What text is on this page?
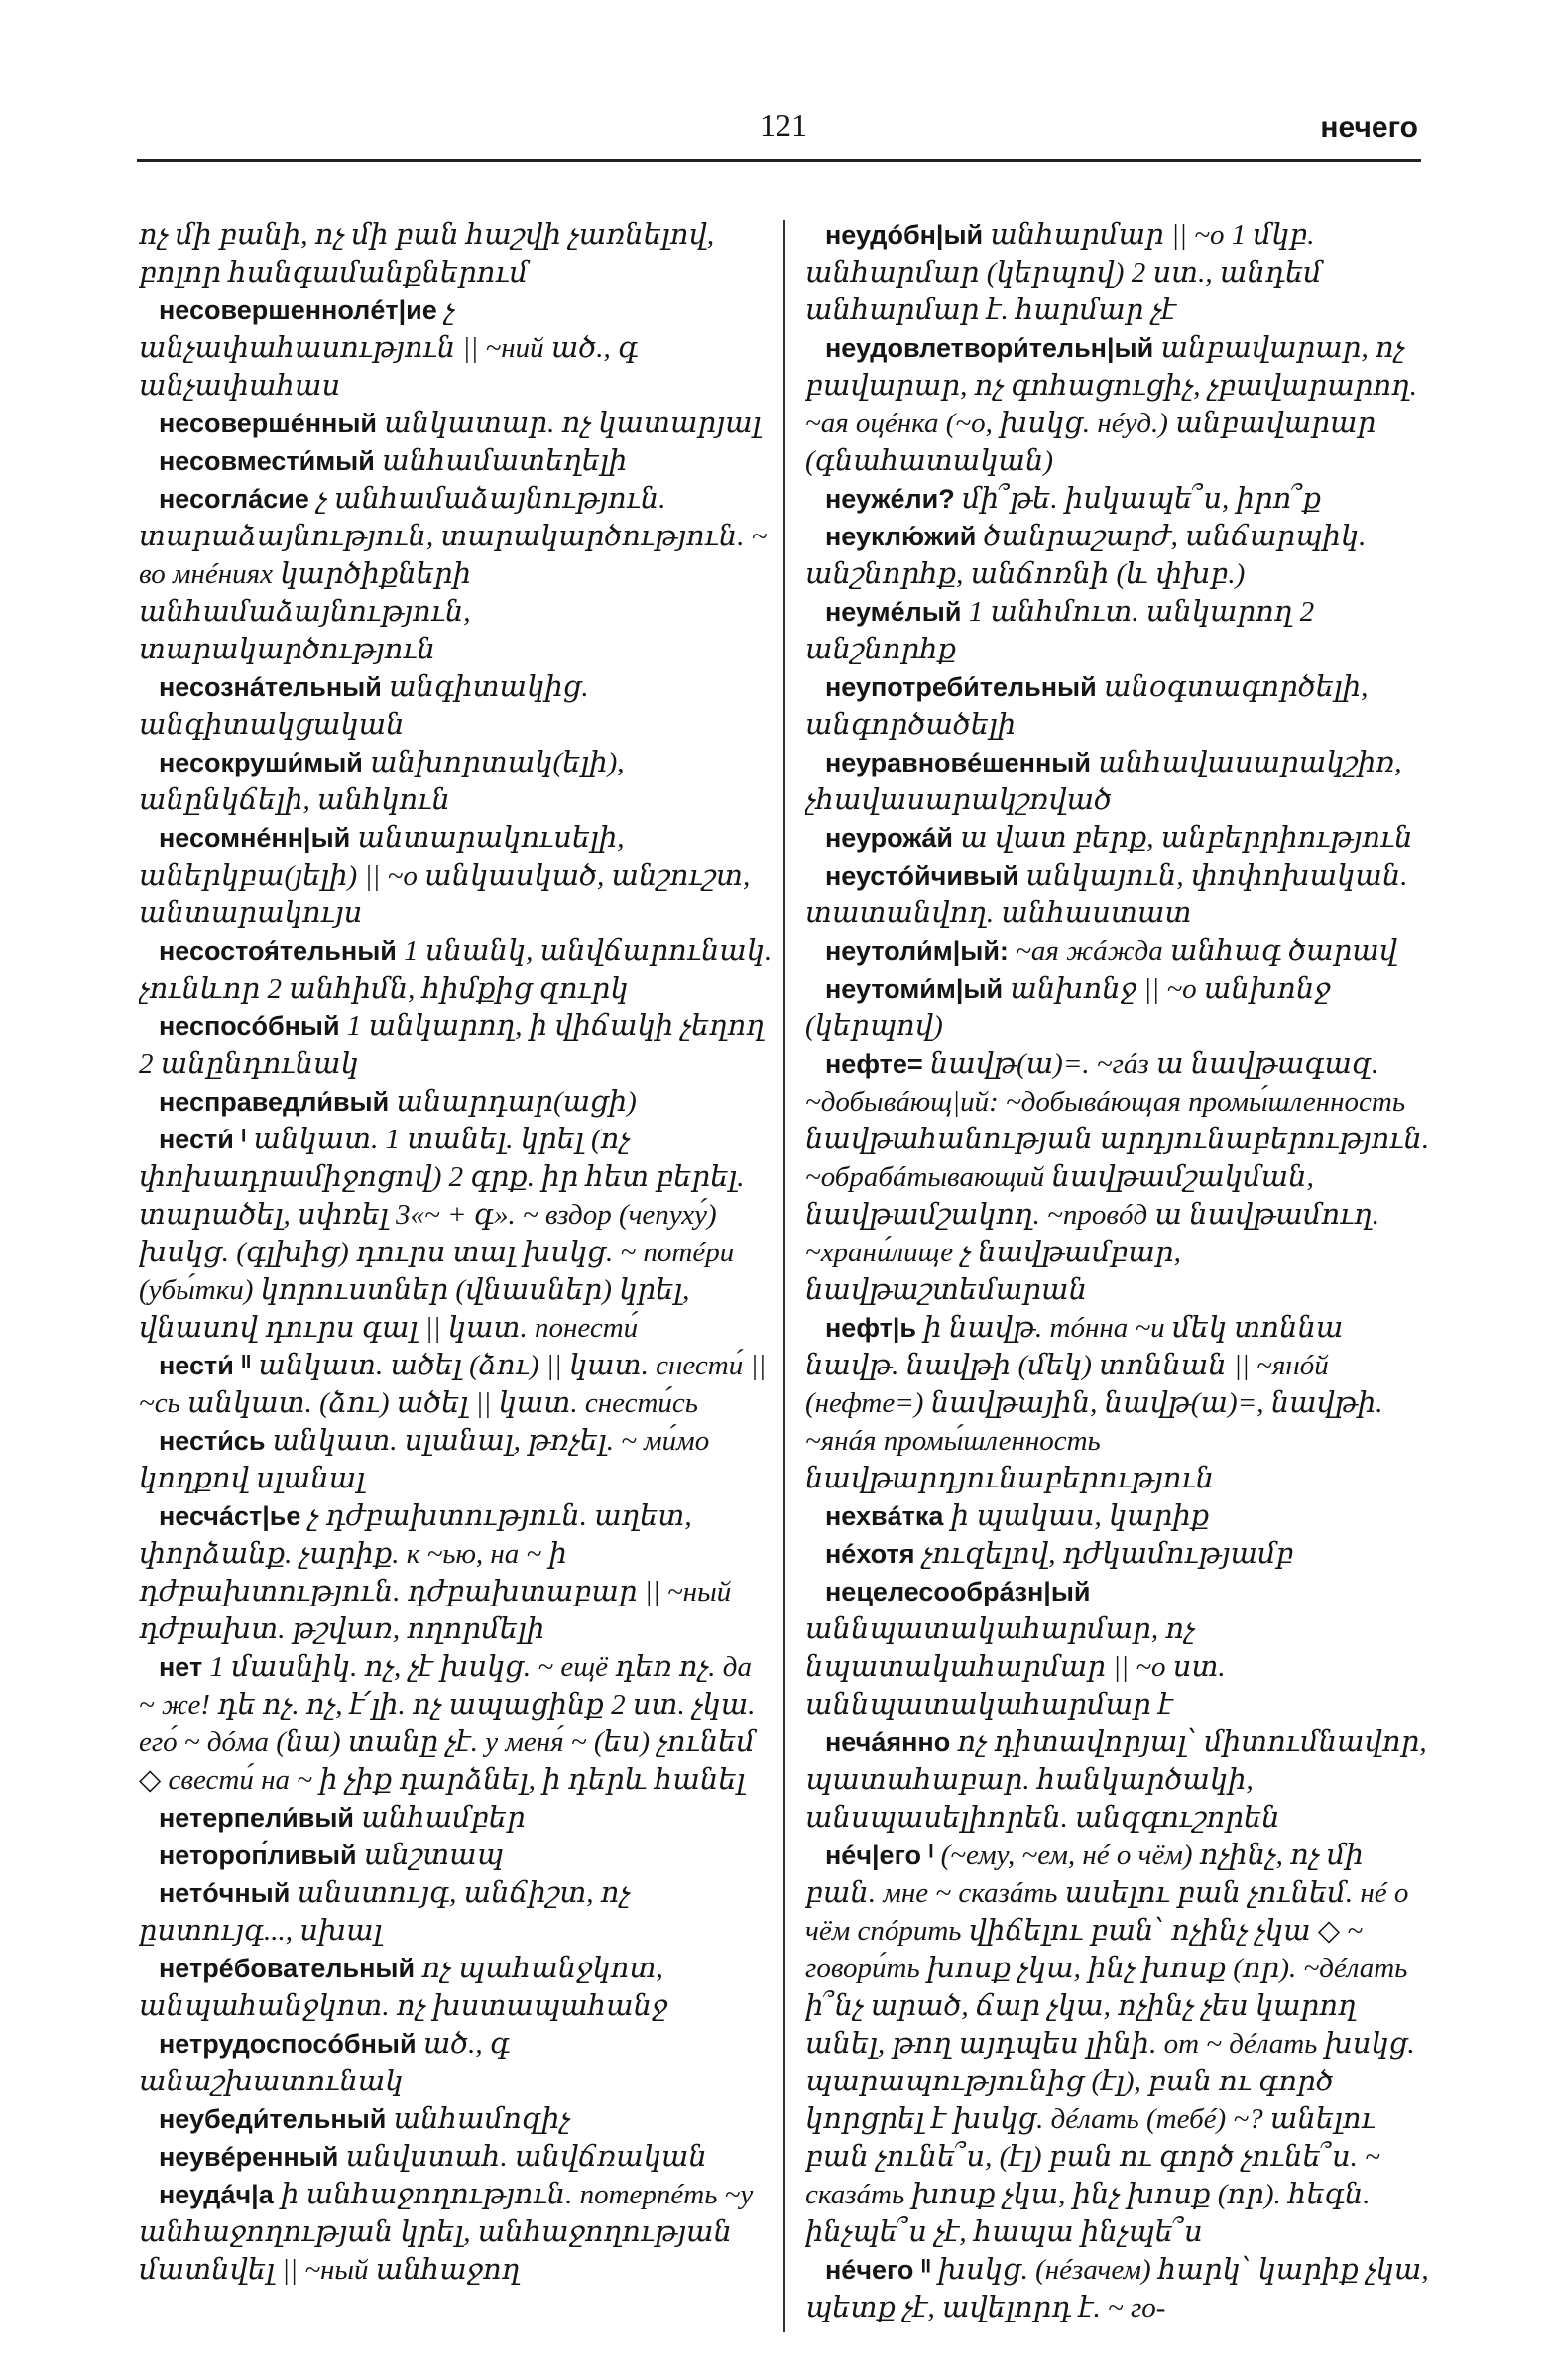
121	нечего
ոչ մի բանի, ոչ մի բան հաշվի չառնելով, բոլոր հանգամանքներում
несовершеннолéт|ие չ անչափահասություն || ~ний ած., գ անչափահաս
несовершéнный անկատար. ոչ կատարյալ
несовмести́мый անհամատեղելի
несоглáсие չ անհամաձայնություն. տարաձայնություն, տարակարծություն. ~ во мнéниях կարծիքների անհամաձայնություն, տարակարծություն
несознáтельный անգիտակից. անգիտակցական
несокруши́мый անխորտակ(ելի), անընկճելի, անհկուն
несомнéнн|ый անտարակուսելի, աներկբա(յելի) || ~о անկասկած, անշուշտ, անտարակույս
несостоя́тельный 1 սնանկ, անվճարունակ. չունևոր 2 անհիմն, հիմքից զուրկ
неспосóбный 1 անկարող, ի վիճակի չեղող 2 անընդունակ
несправедли́вый անարդար(ացի)
нести́ ᴵ անկատ. 1 տանել. կրել (ոչ փոխադրամիջոցով) 2 գրք. իր հետ բերել. տարածել, սփռել 3«~ + գ». ~ вздор (чепуху́) խսկց. (գլխից) դուրս տալ խսկց. ~ потéри (убы́тки) կորուստներ (վնասներ) կրել, վնասով դուրս գալ || կատ. понести́
нести́ ᴵᴵ անկատ. ածել (ձու) || կատ. снести́ || ~сь անկատ. (ձու) ածել || կատ. снести́сь
нести́сь անկատ. սլանալ, թռչել. ~ ми́мо կողքով սլանալ
несчáст|ье չ դժբախտություն. աղետ, փորձանք. չարիք. к ~ью, на ~ ի դժբախտություն. դժբախտաբար || ~ный դժբախտ. թշվառ, ողորմելի
нет 1 մասնիկ. ոչ, չէ խսկց. ~ ещё դեռ ոչ. да ~ же! դե ոչ. ոչ, է՛լի. ոչ ապացինք 2 ստ. չկա. его́ ~ дóма (նա) տանը չէ. у меня́ ~ (ես) չունեմ ◇ свести́ на ~ ի չիք դարձնել, ի դերև հանել
нетерпели́вый անհամբեր
нетороп́ливый անշտապ
нетóчный անստույգ, անճիշտ, ոչ ըստույգ..., սխալ
нетрéбовательный ոչ պահանջկոտ, անպահանջկոտ. ոչ խստապահանջ
нетрудоспосóбный ած., գ անաշխատունակ
неубеди́тельный անհամոզիչ
неувéренный անվստահ. անվճռական
неудáч|а ի անհաջողություն. потерпéть ~у անհաջողության կրել, անհաջողության մատնվել || ~ный անհաջող
неудóбн|ый անհարմար || ~о 1 մկբ. անհարմար (կերպով) 2 ստ., անդեմ անհարմար է. հարմար չէ
неудовлетвори́тельн|ый անբավարար, ոչ բավարար, ոչ գոհացուցիչ, չբավարարող. ~ая оцéнка (~о, խսկց. нéуд.) անբավարար (գնահատական)
неужéли? մի՞թե. իսկապե՞ս, իրո՞ք
неуклю́жий ծանրաշարժ, անճարպիկ. անշնորհք, անճոռնի (և փխբ.)
неумéлый 1 անհմուտ. անկարող 2 անշնորհք
неупотреби́тельный անօգտագործելի, անգործածելի
неуравновéшенный անհավասարակշիռ, չհավասարակշռված
неурожáй ա վատ բերք, անբերրիություն
неустóйчивый անկայուն, փոփոխական. տատանվող. անհաստատ
неутоли́м|ый: ~ая жáжда անհագ ծարավ
неутоми́м|ый անխոնջ || ~о անխոնջ (կերպով)
нефте= նավթ(ա)=. ~гáз ա նավթագազ. ~добывáющ|ий: ~добывáющая промы́шленность նավթահանության արդյունաբերություն. ~обрабáтывающий նավթամշակման, նավթամշակող. ~провóд ա նավթամուղ. ~храни́лище չ նավթամբար, նավթաշտեմարան
нефт|ь ի նավթ. тóнна ~и մեկ տոննա նավթ. նավթի (մեկ) տոննան || ~янóй (нефте=) նավթային, նավթ(ա)=, նավթի. ~янáя промы́шленность նավթարդյունաբերություն
нехвáтка ի պակաս, կարիք
нéхотя չուզելով, դժկամությամբ
нецелесообрáзн|ый աննպատակահարմար, ոչ նպատակահարմար || ~о ստ. աննպատակահարմար է
нечáянно ոչ դիտավորյալ՝ միտումնավոր, պատահաբար. հանկարծակի, անսպասելիորեն. անզգուշորեն
нéч|его ᴵ (~ему, ~ем, нé о чём) ոչինչ, ոչ մի բան. мне ~ сказáть ասելու բան չունեմ. нé о чём спóрить վիճելու բան՝ ոչինչ չկա ◇ ~ говори́ть խոսք չկա, ինչ խոսք (որ). ~дéлать ի՞նչ արած, ճար չկա, ոչինչ չես կարող անել, թող այդպես լինի. от ~ дéлать խսկց. պարապությունից (էլ), բան ու գործ կորցրել է խսկց. дéлать (тебé) ~? անելու բան չունե՞ս, (էլ) բան ու գործ չունե՞ս. ~ сказáть խոսք չկա, ինչ խոսք (որ). հեգն. ինչպե՞ս չէ, հապա ինչպե՞ս
нéчего ᴵᴵ խսկց. (нéзачем) հարկ՝ կարիք չկա, պետք չէ, ավելորդ է. ~ го-
